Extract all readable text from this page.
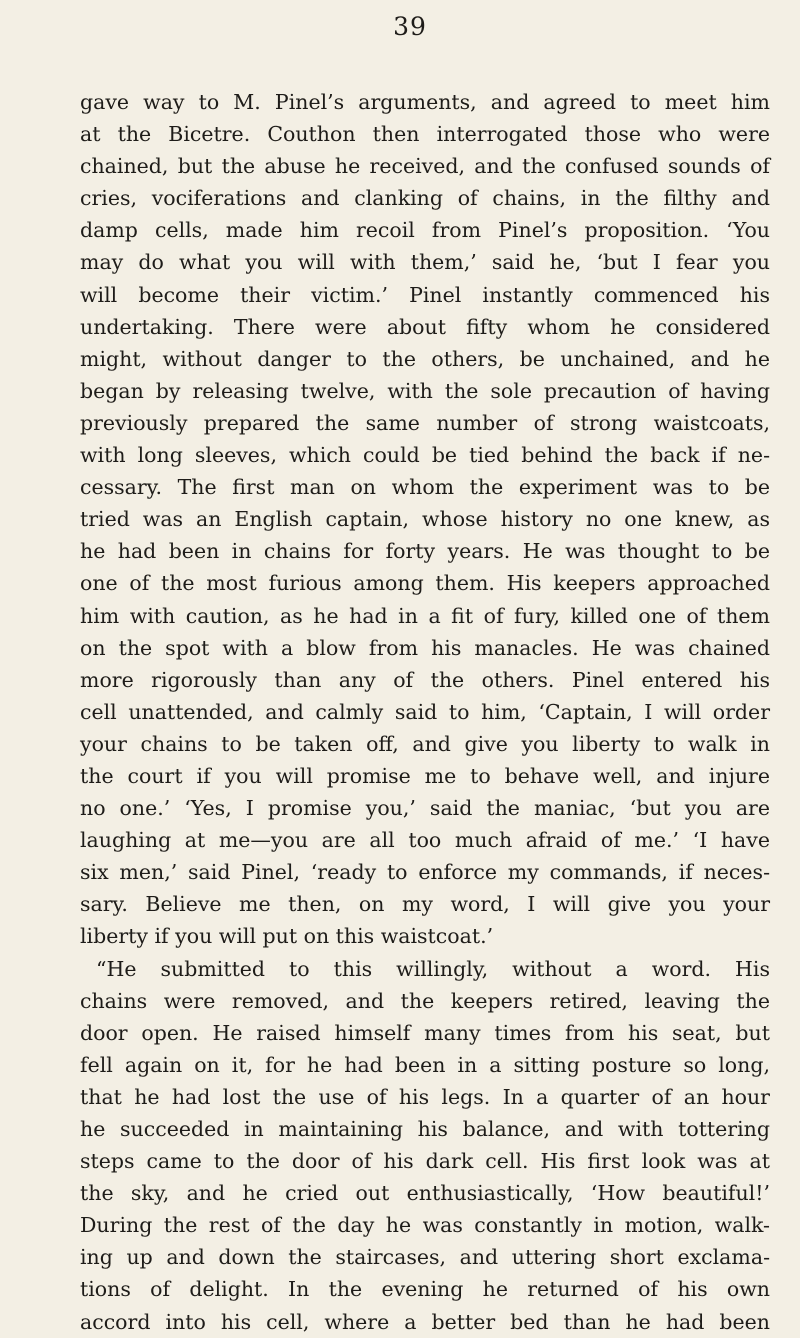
39
gave way to M. Pinel’s arguments, and agreed to meet him
at the Bicetre. Couthon then interrogated those who were
chained, but the abuse he received, and the confused sounds of
cries, vociferations and clanking of chains, in the filthy and
damp cells, made him recoil from Pinel’s proposition. ‘You
may do what you will with them,’ said he, ‘but I fear you
will become their victim.’ Pinel instantly commenced his
undertaking. There were about fifty whom he considered
might, without danger to the others, be unchained, and he
began by releasing twelve, with the sole precaution of having
previously prepared the same number of strong waistcoats,
with long sleeves, which could be tied behind the back if ne-
cessary. The first man on whom the experiment was to be
tried was an English captain, whose history no one knew, as
he had been in chains for forty years. He was thought to be
one of the most furious among them. His keepers approached
him with caution, as he had in a fit of fury, killed one of them
on the spot with a blow from his manacles. He was chained
more rigorously than any of the others. Pinel entered his
cell unattended, and calmly said to him, ‘Captain, I will order
your chains to be taken off, and give you liberty to walk in
the court if you will promise me to behave well, and injure
no one.’ ‘Yes, I promise you,’ said the maniac, ‘but you are
laughing at me—you are all too much afraid of me.’ ‘I have
six men,’ said Pinel, ‘ready to enforce my commands, if neces-
sary. Believe me then, on my word, I will give you your
liberty if you will put on this waistcoat.’
“He submitted to this willingly, without a word. His
chains were removed, and the keepers retired, leaving the
door open. He raised himself many times from his seat, but
fell again on it, for he had been in a sitting posture so long,
that he had lost the use of his legs. In a quarter of an hour
he succeeded in maintaining his balance, and with tottering
steps came to the door of his dark cell. His first look was at
the sky, and he cried out enthusiastically, ‘How beautiful!’
During the rest of the day he was constantly in motion, walk-
ing up and down the staircases, and uttering short exclama-
tions of delight. In the evening he returned of his own
accord into his cell, where a better bed than he had been
